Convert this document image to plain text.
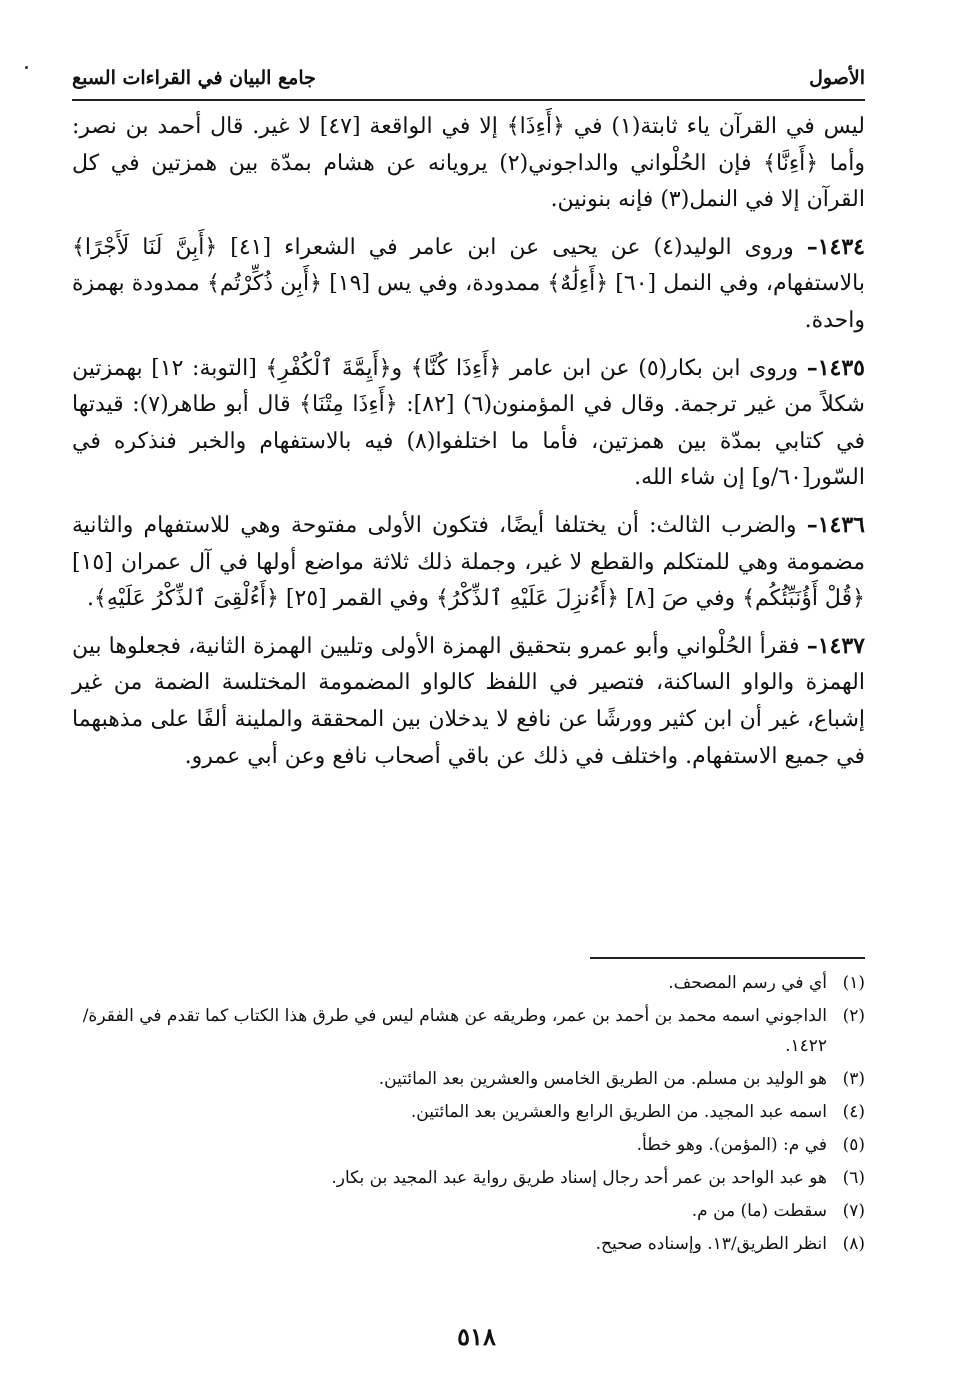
الأصول
جامع البيان في القراءات السبع

ليس في القرآن ياء ثابتة(١) في ﴿أَءِذَا﴾ إلا في الواقعة [٤٧] لا غير. قال أحمد بن نصر: وأما ﴿أَءِنَّا﴾ فإن الحُلْواني والداجوني(٢) يرويانه عن هشام بمدّة بين همزتين في كل القرآن إلا في النمل(٣) فإنه بنونين.

١٤٣٤– وروى الوليد(٤) عن يحيى عن ابن عامر في الشعراء [٤١] ﴿أَبِنَّ لَنَا لَأَجْرًا﴾ بالاستفهام، وفي النمل [٦٠] ﴿أَءِلَٰهٌ﴾ ممدودة، وفي يس [١٩] ﴿أَبِن ذُكِّرْتُم﴾ ممدودة بهمزة واحدة.

١٤٣٥– وروى ابن بكار(٥) عن ابن عامر ﴿أَءِذَا كُنَّا﴾ و﴿أَيِمَّةَ ٱلْكُفْرِ﴾ [التوبة: ١٢] بهمزتين شكلاً من غير ترجمة. وقال في المؤمنون(٦) [٨٢]: ﴿أَءِذَا مِتْنَا﴾ قال أبو طاهر(٧): قيدتها في كتابي بمدّة بين همزتين، فأما ما اختلفوا(٨) فيه بالاستفهام والخبر فنذكره في السّور[٦٠/و] إن شاء الله.

١٤٣٦– والضرب الثالث: أن يختلفا أيضًا، فتكون الأولى مفتوحة وهي للاستفهام والثانية مضمومة وهي للمتكلم والقطع لا غير، وجملة ذلك ثلاثة مواضع أولها في آل عمران [١٥] ﴿قُلْ أَؤُنَبِّئُكُم﴾ وفي صَ [٨] ﴿أَءُنزِلَ عَلَيْهِ ٱلذِّكْرُ﴾ وفي القمر [٢٥] ﴿أَءُلْقِىَ ٱلذِّكْرُ عَلَيْهِ﴾.

١٤٣٧– فقرأ الحُلْواني وأبو عمرو بتحقيق الهمزة الأولى وتليين الهمزة الثانية، فجعلوها بين الهمزة والواو الساكنة، فتصير في اللفظ كالواو المضمومة المختلسة الضمة من غير إشباع، غير أن ابن كثير وورشًا عن نافع لا يدخلان بين المحققة والملينة ألفًا على مذهبهما في جميع الاستفهام. واختلف في ذلك عن باقي أصحاب نافع وعن أبي عمرو.

(١)أي في رسم المصحف.
(٢)الداجوني اسمه محمد بن أحمد بن عمر، وطريقه عن هشام ليس في طرق هذا الكتاب كما تقدم في الفقرة/١٤٢٢.
(٣)هو الوليد بن مسلم. من الطريق الخامس والعشرين بعد المائتين.
(٤)اسمه عبد المجيد. من الطريق الرابع والعشرين بعد المائتين.
(٥)في م: (المؤمن). وهو خطأ.
(٦)هو عبد الواحد بن عمر أحد رجال إسناد طريق رواية عبد المجيد بن بكار.
(٧)سقطت (ما) من م.
(٨)انظر الطريق/١٣. وإسناده صحيح.
٥١٨
